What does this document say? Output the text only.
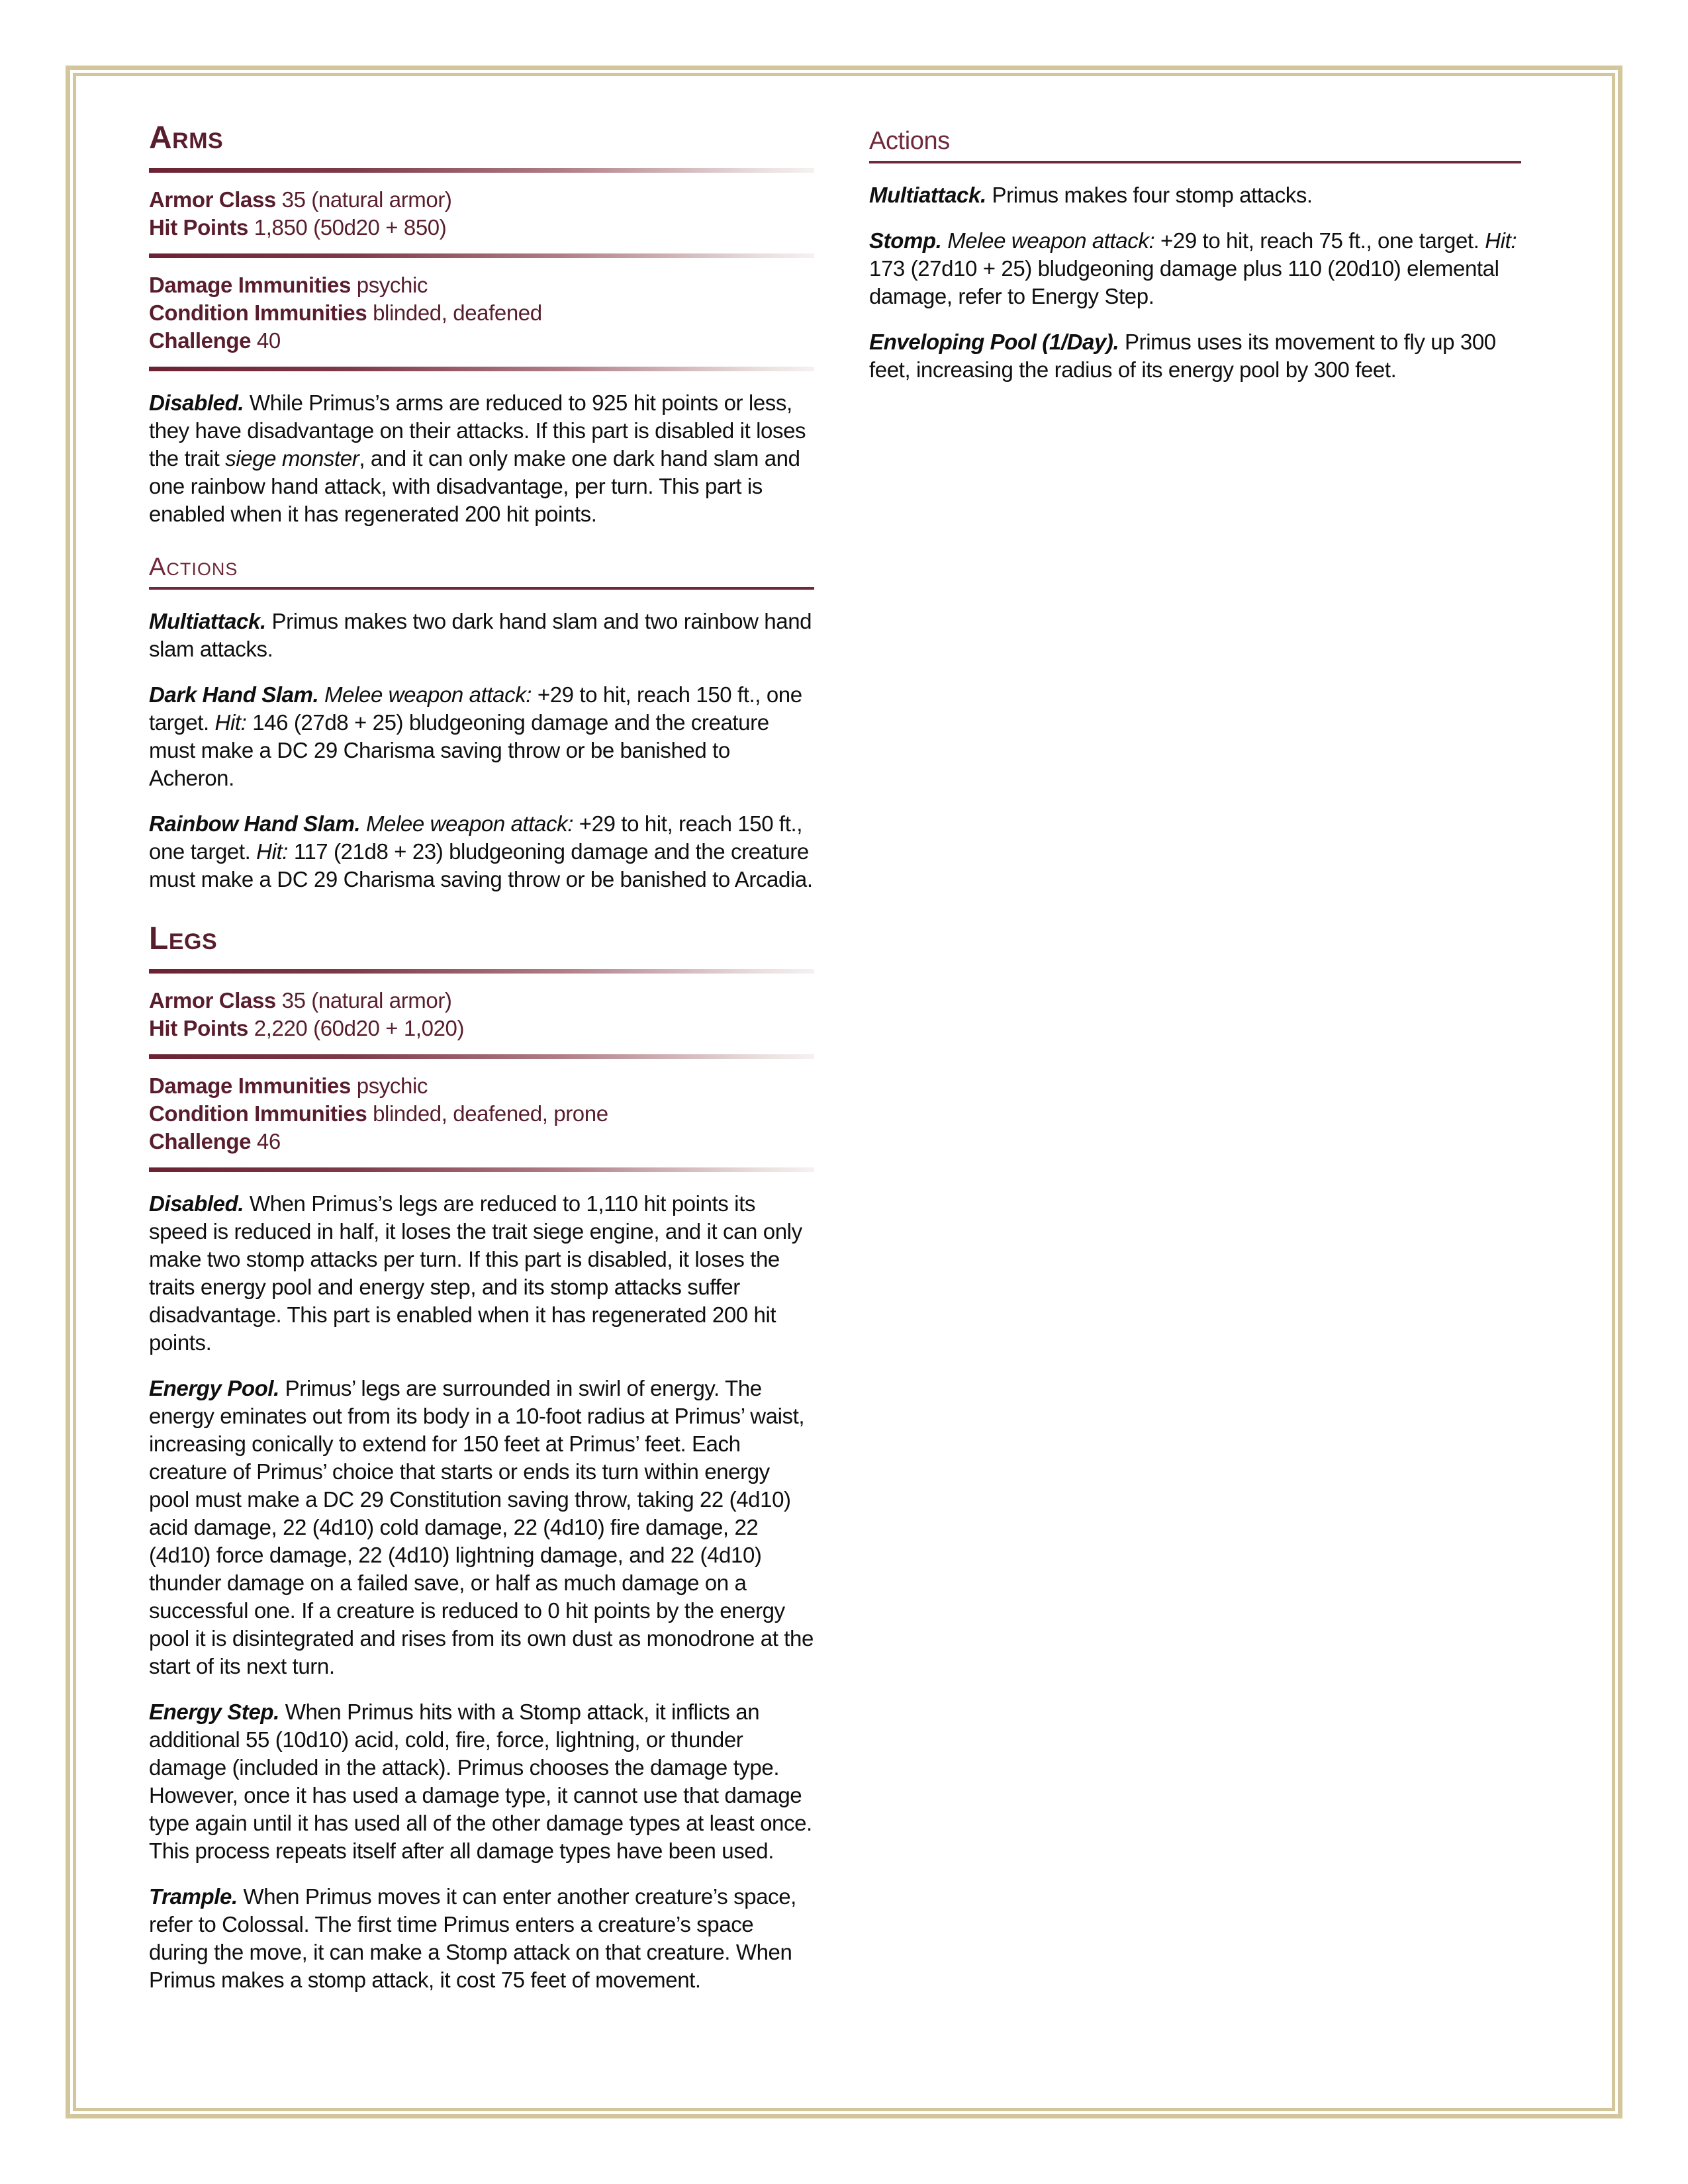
Arms
Armor Class 35 (natural armor)
Hit Points 1,850 (50d20 + 850)
Damage Immunities psychic
Condition Immunities blinded, deafened
Challenge 40

Disabled. While Primus’s arms are reduced to 925 hit points or less, they have disadvantage on their attacks. If this part is disabled it loses the trait siege monster, and it can only make one dark hand slam and one rainbow hand attack, with disadvantage, per turn. This part is enabled when it has regenerated 200 hit points.

Actions

Multiattack. Primus makes two dark hand slam and two rainbow hand slam attacks.

Dark Hand Slam. Melee weapon attack: +29 to hit, reach 150 ft., one target. Hit: 146 (27d8 + 25) bludgeoning damage and the creature must make a DC 29 Charisma saving throw or be banished to Acheron.

Rainbow Hand Slam. Melee weapon attack: +29 to hit, reach 150 ft., one target. Hit: 117 (21d8 + 23) bludgeoning damage and the creature must make a DC 29 Charisma saving throw or be banished to Arcadia.

Legs
Armor Class 35 (natural armor)
Hit Points 2,220 (60d20 + 1,020)
Damage Immunities psychic
Condition Immunities blinded, deafened, prone
Challenge 46

Disabled. When Primus’s legs are reduced to 1,110 hit points its speed is reduced in half, it loses the trait siege engine, and it can only make two stomp attacks per turn. If this part is disabled, it loses the traits energy pool and energy step, and its stomp attacks suffer disadvantage. This part is enabled when it has regenerated 200 hit points.

Energy Pool. Primus’ legs are surrounded in swirl of energy. The energy eminates out from its body in a 10-foot radius at Primus’ waist, increasing conically to extend for 150 feet at Primus’ feet. Each creature of Primus’ choice that starts or ends its turn within energy pool must make a DC 29 Constitution saving throw, taking 22 (4d10) acid damage, 22 (4d10) cold damage, 22 (4d10) fire damage, 22 (4d10) force damage, 22 (4d10) lightning damage, and 22 (4d10) thunder damage on a failed save, or half as much damage on a successful one. If a creature is reduced to 0 hit points by the energy pool it is disintegrated and rises from its own dust as monodrone at the start of its next turn.

Energy Step. When Primus hits with a Stomp attack, it inflicts an additional 55 (10d10) acid, cold, fire, force, lightning, or thunder damage (included in the attack). Primus chooses the damage type. However, once it has used a damage type, it cannot use that damage type again until it has used all of the other damage types at least once. This process repeats itself after all damage types have been used.

Trample. When Primus moves it can enter another creature’s space, refer to Colossal. The first time Primus enters a creature’s space during the move, it can make a Stomp attack on that creature. When Primus makes a stomp attack, it cost 75 feet of movement.

Actions

Multiattack. Primus makes four stomp attacks.

Stomp. Melee weapon attack: +29 to hit, reach 75 ft., one target. Hit: 173 (27d10 + 25) bludgeoning damage plus 110 (20d10) elemental damage, refer to Energy Step.

Enveloping Pool (1/Day). Primus uses its movement to fly up 300 feet, increasing the radius of its energy pool by 300 feet.
